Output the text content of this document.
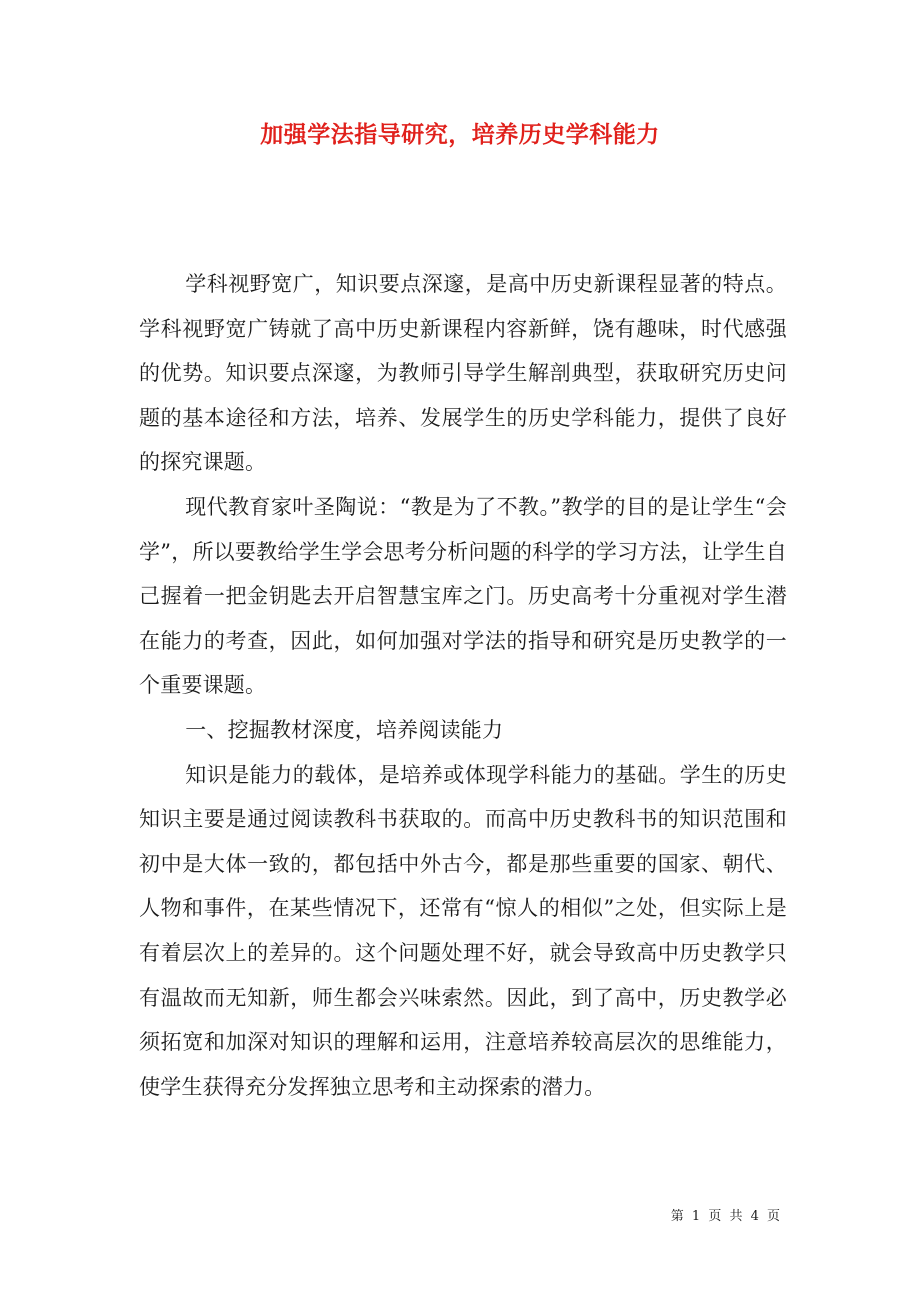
加强学法指导研究，培养历史学科能力

学科视野宽广，知识要点深邃，是高中历史新课程显著的特点。学科视野宽广铸就了高中历史新课程内容新鲜，饶有趣味，时代感强的优势。知识要点深邃，为教师引导学生解剖典型，获取研究历史问题的基本途径和方法，培养、发展学生的历史学科能力，提供了良好的探究课题。

现代教育家叶圣陶说：“教是为了不教。”教学的目的是让学生“会学”，所以要教给学生学会思考分析问题的科学的学习方法，让学生自己握着一把金钥匙去开启智慧宝库之门。历史高考十分重视对学生潜在能力的考查，因此，如何加强对学法的指导和研究是历史教学的一个重要课题。

一、挖掘教材深度，培养阅读能力

知识是能力的载体，是培养或体现学科能力的基础。学生的历史知识主要是通过阅读教科书获取的。而高中历史教科书的知识范围和初中是大体一致的，都包括中外古今，都是那些重要的国家、朝代、人物和事件，在某些情况下，还常有“惊人的相似”之处，但实际上是有着层次上的差异的。这个问题处理不好，就会导致高中历史教学只有温故而无知新，师生都会兴味索然。因此，到了高中，历史教学必须拓宽和加深对知识的理解和运用，注意培养较高层次的思维能力，使学生获得充分发挥独立思考和主动探索的潜力。

第 1 页 共 4 页
